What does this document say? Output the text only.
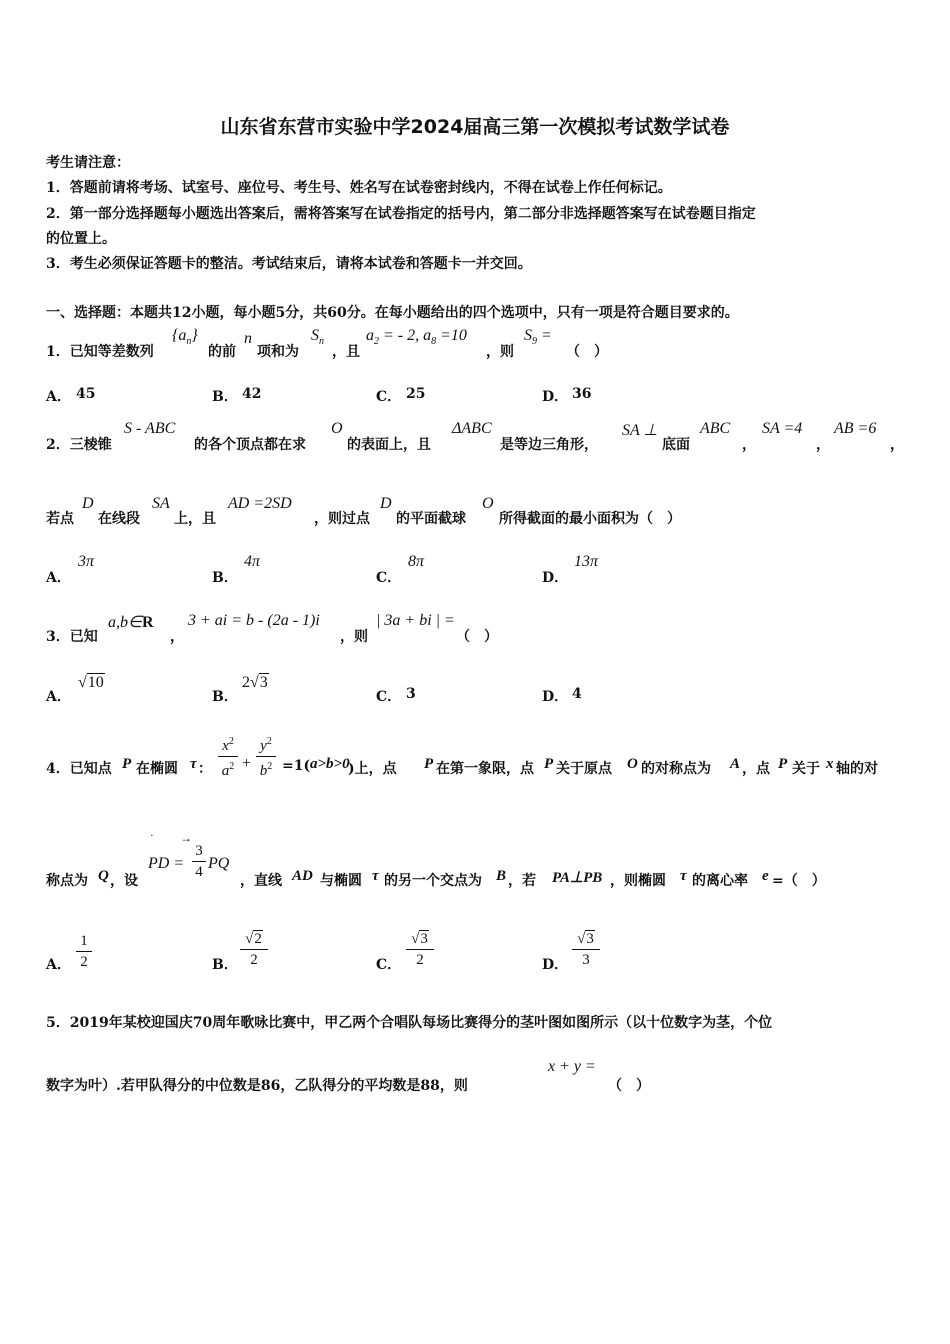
山东省东营市实验中学2024届高三第一次模拟考试数学试卷
考生请注意：
1．答题前请将考场、试室号、座位号、考生号、姓名写在试卷密封线内，不得在试卷上作任何标记。
2．第一部分选择题每小题选出答案后，需将答案写在试卷指定的括号内，第二部分非选择题答案写在试卷题目指定
的位置上。
3．考生必须保证答题卡的整洁。考试结束后，请将本试卷和答题卡一并交回。
一、选择题：本题共12小题，每小题5分，共60分。在每小题给出的四个选项中，只有一项是符合题目要求的。
1．已知等差数列
$\{a_n\}$
的前
n
项和为
$S_n$
，且
$a_2$ = - 2, $a_8 =10$
，则
$S_9$ =
（　）
A． 45	B． 42	C． 25	D． 36
2．三棱锥
S - ABC
的各个顶点都在求
O
的表面上，且
ΔABC
是等边三角形，
SA ⊥
底面
ABC
，
SA =4
，
AB =6
，
若点
D
在线段
SA
上，且
AD =2SD
，则过点
D
的平面截球
O
所得截面的最小面积为（　）
A．
3π
B．
4π
C．
8π
D．
13π
3．已知
a,b∈R
，
3 + ai = b - (2a - 1)i
，则
| 3a + bi | =
（　）
A．
√10
B．
2√3
C． 3	D． 4
4．已知点 P 在椭圆 τ ：
$x^2$
$a^2$ +
$y^2$
$b^2 =1$( a>b>0
)上，点 P 在第一象限，点 P 关于原点 O 的对称点为 A ，点 P 关于 x 轴的对
称点为 Q ，设
PD =
· →
3
4 PQ
，直线 AD 与椭圆 τ 的另一个交点为 B ，若 PA⊥PB ，则椭圆 τ 的离心率 e =（　）
A．
1
2	B．
√2
2	C．
√3
2	D．
√3
3
5．2019年某校迎国庆70周年歌咏比赛中，甲乙两个合唱队每场比赛得分的茎叶图如图所示（以十位数字为茎，个位
数字为叶）.若甲队得分的中位数是86，乙队得分的平均数是88，则
x + y =
（　）
